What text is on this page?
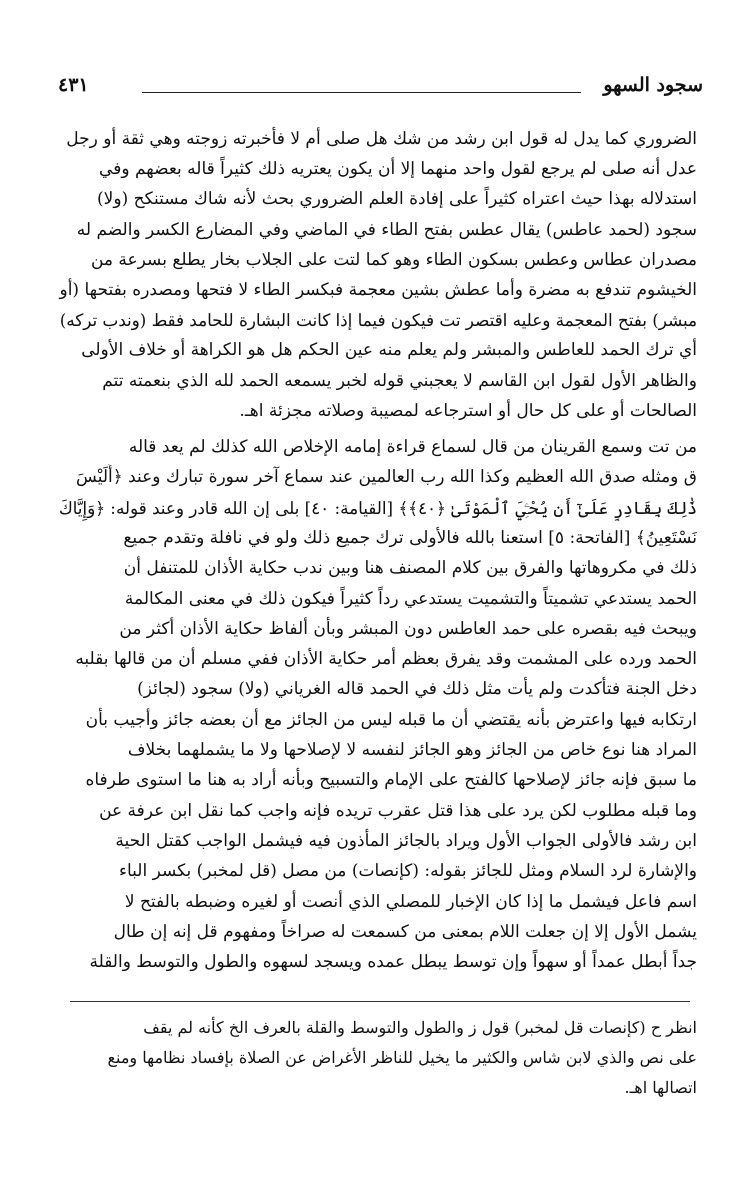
سجود السهو
٤٣١
الضروري كما يدل له قول ابن رشد من شك هل صلى أم لا فأخبرته زوجته وهي ثقة أو رجل
عدل أنه صلى لم يرجع لقول واحد منهما إلا أن يكون يعتريه ذلك كثيراً قاله بعضهم وفي
استدلاله بهذا حيث اعتراه كثيراً على إفادة العلم الضروري بحث لأنه شاك مستنكح (ولا)
سجود (لحمد عاطس) يقال عطس بفتح الطاء في الماضي وفي المضارع الكسر والضم له
مصدران عطاس وعطس بسكون الطاء وهو كما لتت على الجلاب بخار يطلع بسرعة من
الخيشوم تندفع به مضرة وأما عطش بشين معجمة فبكسر الطاء لا فتحها ومصدره بفتحها (أو
مبشر) بفتح المعجمة وعليه اقتصر تت فيكون فيما إذا كانت البشارة للحامد فقط (وندب تركه)
أي ترك الحمد للعاطس والمبشر ولم يعلم منه عين الحكم هل هو الكراهة أو خلاف الأولى
والظاهر الأول لقول ابن القاسم لا يعجبني قوله لخبر يسمعه الحمد لله الذي بنعمته تتم
الصالحات أو على كل حال أو استرجاعه لمصيبة وصلاته مجزئة اهـ.
من تت وسمع القرينان من قال لسماع قراءة إمامه الإخلاص الله كذلك لم يعد قاله
ق ومثله صدق الله العظيم وكذا الله رب العالمين عند سماع آخر سورة تبارك وعند ﴿أَلَيْسَ
ذَٰلِكَ بِقَادِرٍ عَلَىٰٓ أَن يُحْـِۧيَ ٱلْمَوْتَىٰ ﴿٤٠﴾﴾ [القيامة: ٤٠] بلى إن الله قادر وعند قوله: ﴿وَإِيَّاكَ
نَسْتَعِينُ﴾ [الفاتحة: ٥] استعنا بالله فالأولى ترك جميع ذلك ولو في نافلة وتقدم جميع
ذلك في مكروهاتها والفرق بين كلام المصنف هنا وبين ندب حكاية الأذان للمتنفل أن
الحمد يستدعي تشميتاً والتشميت يستدعي رداً كثيراً فيكون ذلك في معنى المكالمة
ويبحث فيه بقصره على حمد العاطس دون المبشر وبأن ألفاظ حكاية الأذان أكثر من
الحمد ورده على المشمت وقد يفرق بعظم أمر حكاية الأذان ففي مسلم أن من قالها بقلبه
دخل الجنة فتأكدت ولم يأت مثل ذلك في الحمد قاله الغرياني (ولا) سجود (لجائز)
ارتكابه فيها واعترض بأنه يقتضي أن ما قبله ليس من الجائز مع أن بعضه جائز وأجيب بأن
المراد هنا نوع خاص من الجائز وهو الجائز لنفسه لا لإصلاحها ولا ما يشملهما بخلاف
ما سبق فإنه جائز لإصلاحها كالفتح على الإمام والتسبيح وبأنه أراد به هنا ما استوى طرفاه
وما قبله مطلوب لكن يرد على هذا قتل عقرب تريده فإنه واجب كما نقل ابن عرفة عن
ابن رشد فالأولى الجواب الأول ويراد بالجائز المأذون فيه فيشمل الواجب كقتل الحية
والإشارة لرد السلام ومثل للجائز بقوله: (كإنصات) من مصل (قل لمخبر) بكسر الباء
اسم فاعل فيشمل ما إذا كان الإخبار للمصلي الذي أنصت أو لغيره وضبطه بالفتح لا
يشمل الأول إلا إن جعلت اللام بمعنى من كسمعت له صراخاً ومفهوم قل إنه إن طال
جداً أبطل عمداً أو سهواً وإن توسط يبطل عمده ويسجد لسهوه والطول والتوسط والقلة
انظر ح (كإنصات قل لمخبر) قول ز والطول والتوسط والقلة بالعرف الخ كأنه لم يقف
على نص والذي لابن شاس والكثير ما يخيل للناظر الأغراض عن الصلاة بإفساد نظامها ومنع
اتصالها اهـ.
